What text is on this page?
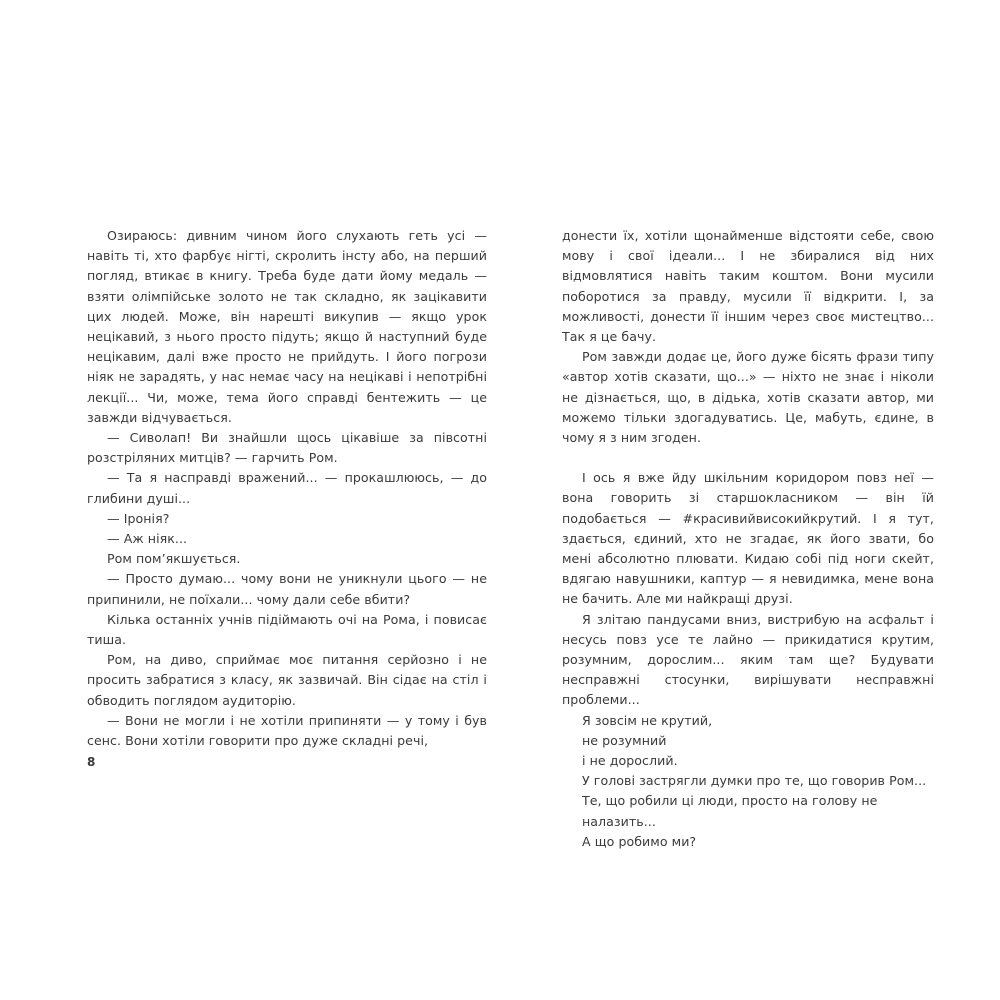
Озираюсь: дивним чином його слухають геть усі — навіть ті, хто фарбує нігті, скролить інсту або, на перший погляд, втикає в книгу. Треба буде дати йому медаль — взяти олімпійське золото не так складно, як зацікавити цих людей. Може, він нарешті викупив — якщо урок нецікавий, з нього просто підуть; якщо й наступний буде нецікавим, далі вже просто не прийдуть. І його погрози ніяк не зарадять, у нас немає часу на нецікаві і непотрібні лекції... Чи, може, тема його справді бентежить — це завжди відчувається.

— Сиволап! Ви знайшли щось цікавіше за півсотні розстріляних митців? — гарчить Ром.

— Та я насправді вражений... — прокашлююсь, — до глибини душі...

— Іронія?

— Аж ніяк...

Ром пом’якшується.

— Просто думаю... чому вони не уникнули цього — не припинили, не поїхали... чому дали себе вбити?

Кілька останніх учнів підіймають очі на Рома, і повисає тиша.

Ром, на диво, сприймає моє питання серйозно і не просить забратися з класу, як зазвичай. Він сідає на стіл і обводить поглядом аудиторію.

— Вони не могли і не хотіли припиняти — у тому і був сенс. Вони хотіли говорити про дуже складні речі,

8

донести їх, хотіли щонайменше відстояти себе, свою мову і свої ідеали... І не збиралися від них відмовлятися навіть таким коштом. Вони мусили поборотися за правду, мусили її відкрити. І, за можливості, донести її іншим через своє мистецтво... Так я це бачу.

Ром завжди додає це, його дуже бісять фрази типу «автор хотів сказати, що...» — ніхто не знає і ніколи не дізнається, що, в дідька, хотів сказати автор, ми можемо тільки здогадуватись. Це, мабуть, єдине, в чому я з ним згоден.

І ось я вже йду шкільним коридором повз неї — вона говорить зі старшокласником — він їй подобається — #красивийвисокийкрутий. І я тут, здається, єдиний, хто не згадає, як його звати, бо мені абсолютно плювати. Кидаю собі під ноги скейт, вдягаю навушники, каптур — я невидимка, мене вона не бачить. Але ми найкращі друзі.

Я злітаю пандусами вниз, вистрибую на асфальт і несусь повз усе те лайно — прикидатися крутим, розумним, дорослим... яким там ще? Будувати несправжні стосунки, вирішувати несправжні проблеми...

Я зовсім не крутий,

не розумний

і не дорослий.

У голові застрягли думки про те, що говорив Ром...

Те, що робили ці люди, просто на голову не налазить...

А що робимо ми?
